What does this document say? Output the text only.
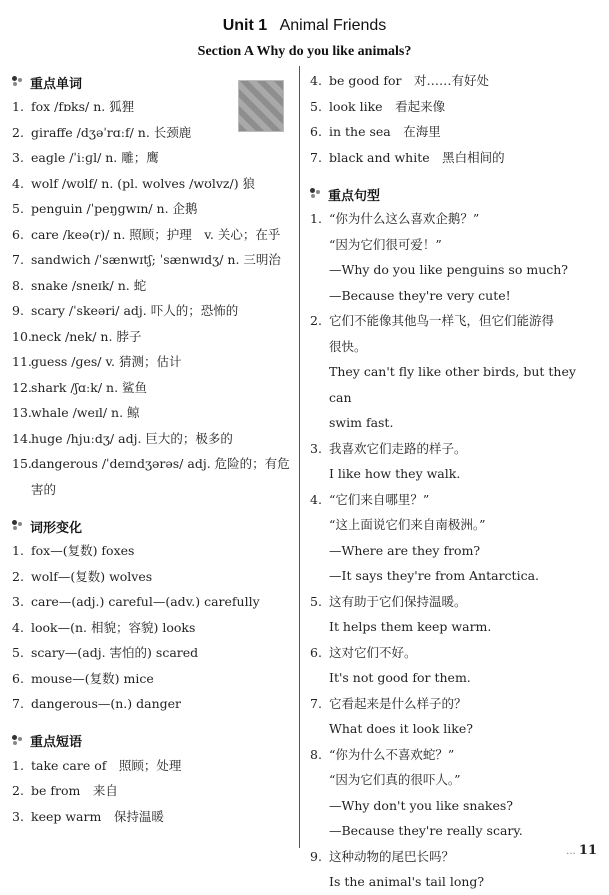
Unit 1 Animal Friends
Section A Why do you like animals?
重点单词
1. fox /fɒks/ n. 狐狸
2. giraffe /dʒəˈrɑːf/ n. 长颈鹿
3. eagle /ˈiːɡl/ n. 雕；鹰
4. wolf /wʊlf/ n. (pl. wolves /wʊlvz/) 狼
5. penguin /ˈpeŋɡwɪn/ n. 企鹅
6. care /keə(r)/ n. 照顾；护理　v. 关心；在乎
7. sandwich /ˈsænwɪtʃ; ˈsænwɪdʒ/ n. 三明治
8. snake /sneɪk/ n. 蛇
9. scary /ˈskeəri/ adj. 吓人的；恐怖的
10. neck /nek/ n. 脖子
11. guess /ɡes/ v. 猜测；估计
12. shark /ʃɑːk/ n. 鲨鱼
13. whale /weɪl/ n. 鲸
14. huge /hjuːdʒ/ adj. 巨大的；极多的
15. dangerous /ˈdeɪndʒərəs/ adj. 危险的；有危
害的
词形变化
1. fox—(复数) foxes
2. wolf—(复数) wolves
3. care—(adj.) careful—(adv.) carefully
4. look—(n. 相貌；容貌) looks
5. scary—(adj. 害怕的) scared
6. mouse—(复数) mice
7. dangerous—(n.) danger
重点短语
1. take care of　照顾；处理
2. be from　来自
3. keep warm　保持温暖
4. be good for　对……有好处
5. look like　看起来像
6. in the sea　在海里
7. black and white　黑白相间的
重点句型
1. “你为什么这么喜欢企鹅？”
“因为它们很可爱！”
—Why do you like penguins so much?
—Because they're very cute!
2. 它们不能像其他鸟一样飞，但它们能游得
很快。
They can't fly like other birds, but they can
swim fast.
3. 我喜欢它们走路的样子。
I like how they walk.
4. “它们来自哪里？”
“这上面说它们来自南极洲。”
—Where are they from?
—It says they're from Antarctica.
5. 这有助于它们保持温暖。
It helps them keep warm.
6. 这对它们不好。
It's not good for them.
7. 它看起来是什么样子的？
What does it look like?
8. “你为什么不喜欢蛇？”
“因为它们真的很吓人。”
—Why don't you like snakes?
—Because they're really scary.
9. 这种动物的尾巴长吗？
Is the animal's tail long?
... 11
